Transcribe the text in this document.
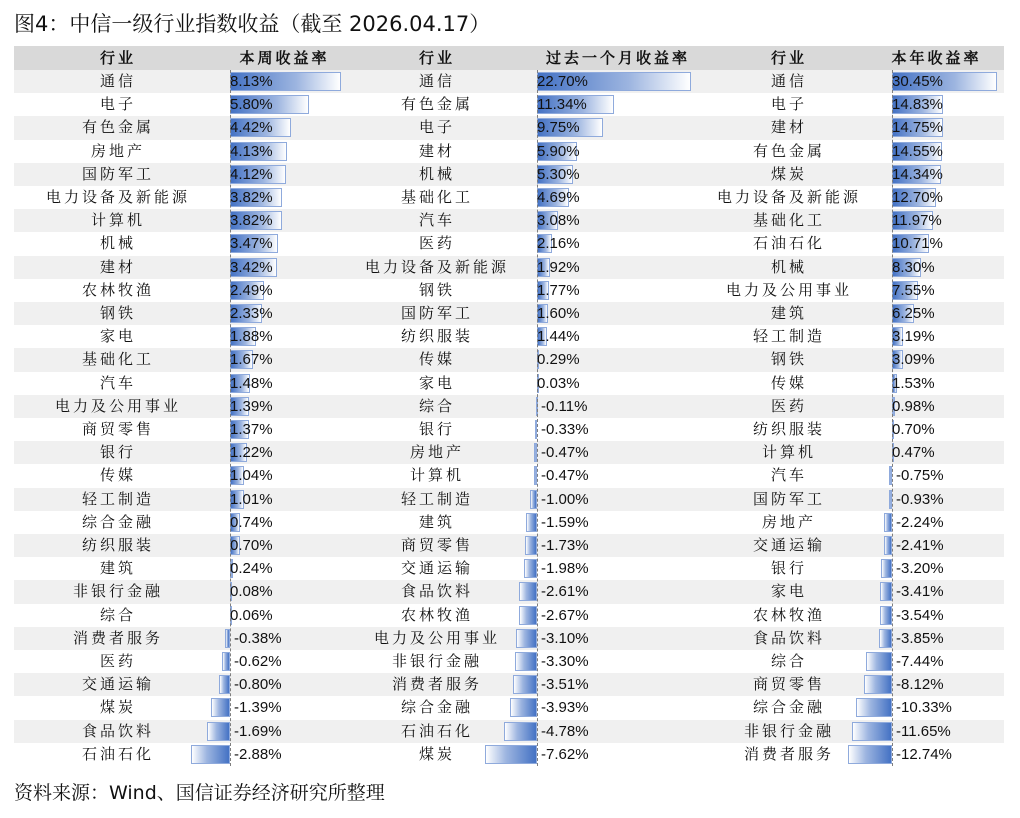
图4：中信一级行业指数收益（截至 2026.04.17）
行业	本周收益率	行业	过去一个月收益率	行业	本年收益率
通信	8.13%	通信	22.70%	通信	30.45%
电子	5.80%	有色金属	11.34%	电子	14.83%
有色金属	4.42%	电子	9.75%	建材	14.75%
房地产	4.13%	建材	5.90%	有色金属	14.55%
国防军工	4.12%	机械	5.30%	煤炭	14.34%
电力设备及新能源	3.82%	基础化工	4.69%	电力设备及新能源	12.70%
计算机	3.82%	汽车	3.08%	基础化工	11.97%
机械	3.47%	医药	2.16%	石油石化	10.71%
建材	3.42%	电力设备及新能源	1.92%	机械	8.30%
农林牧渔	2.49%	钢铁	1.77%	电力及公用事业	7.55%
钢铁	2.33%	国防军工	1.60%	建筑	6.25%
家电	1.88%	纺织服装	1.44%	轻工制造	3.19%
基础化工	1.67%	传媒	0.29%	钢铁	3.09%
汽车	1.48%	家电	0.03%	传媒	1.53%
电力及公用事业	1.39%	综合	-0.11%	医药	0.98%
商贸零售	1.37%	银行	-0.33%	纺织服装	0.70%
银行	1.22%	房地产	-0.47%	计算机	0.47%
传媒	1.04%	计算机	-0.47%	汽车	-0.75%
轻工制造	1.01%	轻工制造	-1.00%	国防军工	-0.93%
综合金融	0.74%	建筑	-1.59%	房地产	-2.24%
纺织服装	0.70%	商贸零售	-1.73%	交通运输	-2.41%
建筑	0.24%	交通运输	-1.98%	银行	-3.20%
非银行金融	0.08%	食品饮料	-2.61%	家电	-3.41%
综合	0.06%	农林牧渔	-2.67%	农林牧渔	-3.54%
消费者服务	-0.38%	电力及公用事业	-3.10%	食品饮料	-3.85%
医药	-0.62%	非银行金融	-3.30%	综合	-7.44%
交通运输	-0.80%	消费者服务	-3.51%	商贸零售	-8.12%
煤炭	-1.39%	综合金融	-3.93%	综合金融	-10.33%
食品饮料	-1.69%	石油石化	-4.78%	非银行金融	-11.65%
石油石化	-2.88%	煤炭	-7.62%	消费者服务	-12.74%
资料来源：Wind、国信证券经济研究所整理
